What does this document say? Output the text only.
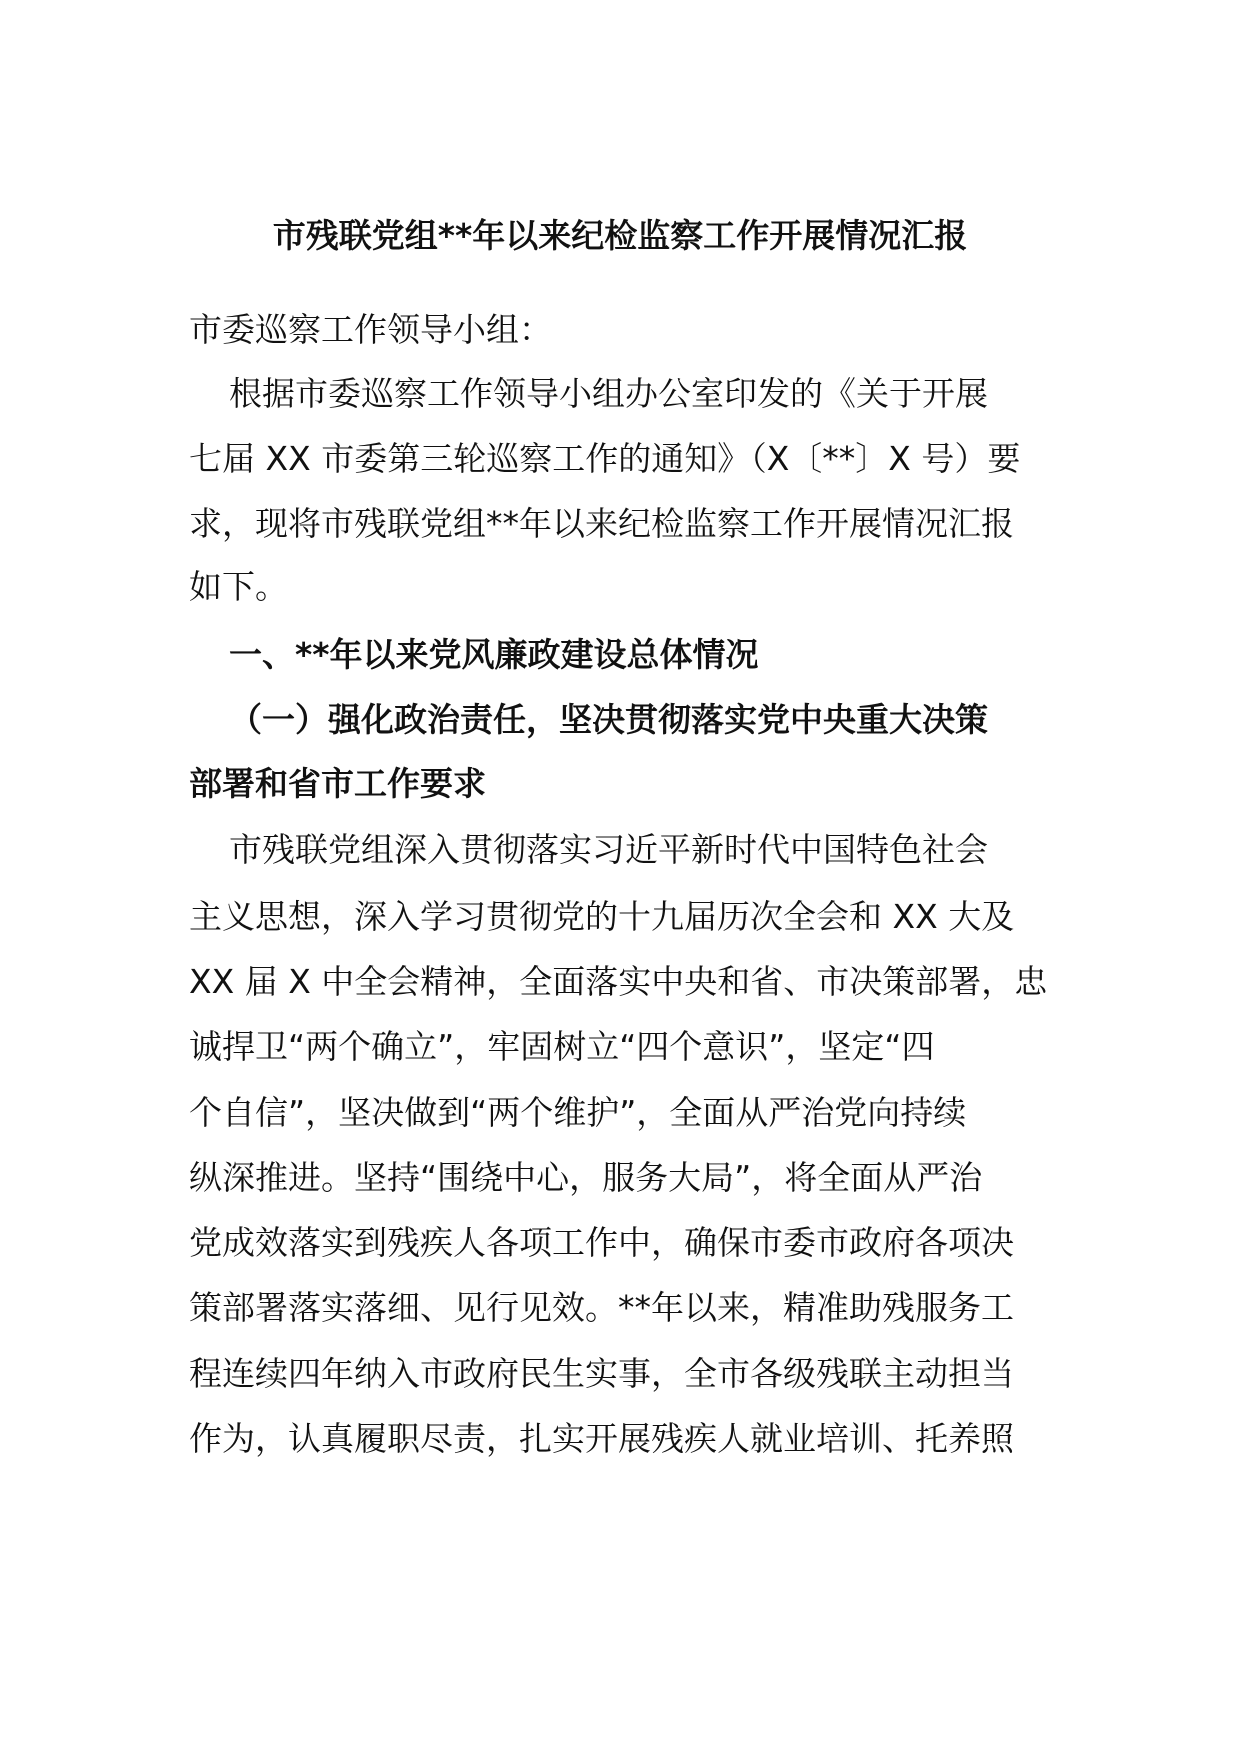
市残联党组**年以来纪检监察工作开展情况汇报
市委巡察工作领导小组：
根据市委巡察工作领导小组办公室印发的《关于开展
七届 XX 市委第三轮巡察工作的通知》（X〔**〕X 号）要
求，现将市残联党组**年以来纪检监察工作开展情况汇报
如下。
一、**年以来党风廉政建设总体情况
（一）强化政治责任，坚决贯彻落实党中央重大决策
部署和省市工作要求
市残联党组深入贯彻落实习近平新时代中国特色社会
主义思想，深入学习贯彻党的十九届历次全会和 XX 大及
XX 届 X 中全会精神，全面落实中央和省、市决策部署，忠
诚捍卫“两个确立”，牢固树立“四个意识”，坚定“四
个自信”，坚决做到“两个维护”，全面从严治党向持续
纵深推进。坚持“围绕中心，服务大局”，将全面从严治
党成效落实到残疾人各项工作中，确保市委市政府各项决
策部署落实落细、见行见效。**年以来，精准助残服务工
程连续四年纳入市政府民生实事，全市各级残联主动担当
作为，认真履职尽责，扎实开展残疾人就业培训、托养照
